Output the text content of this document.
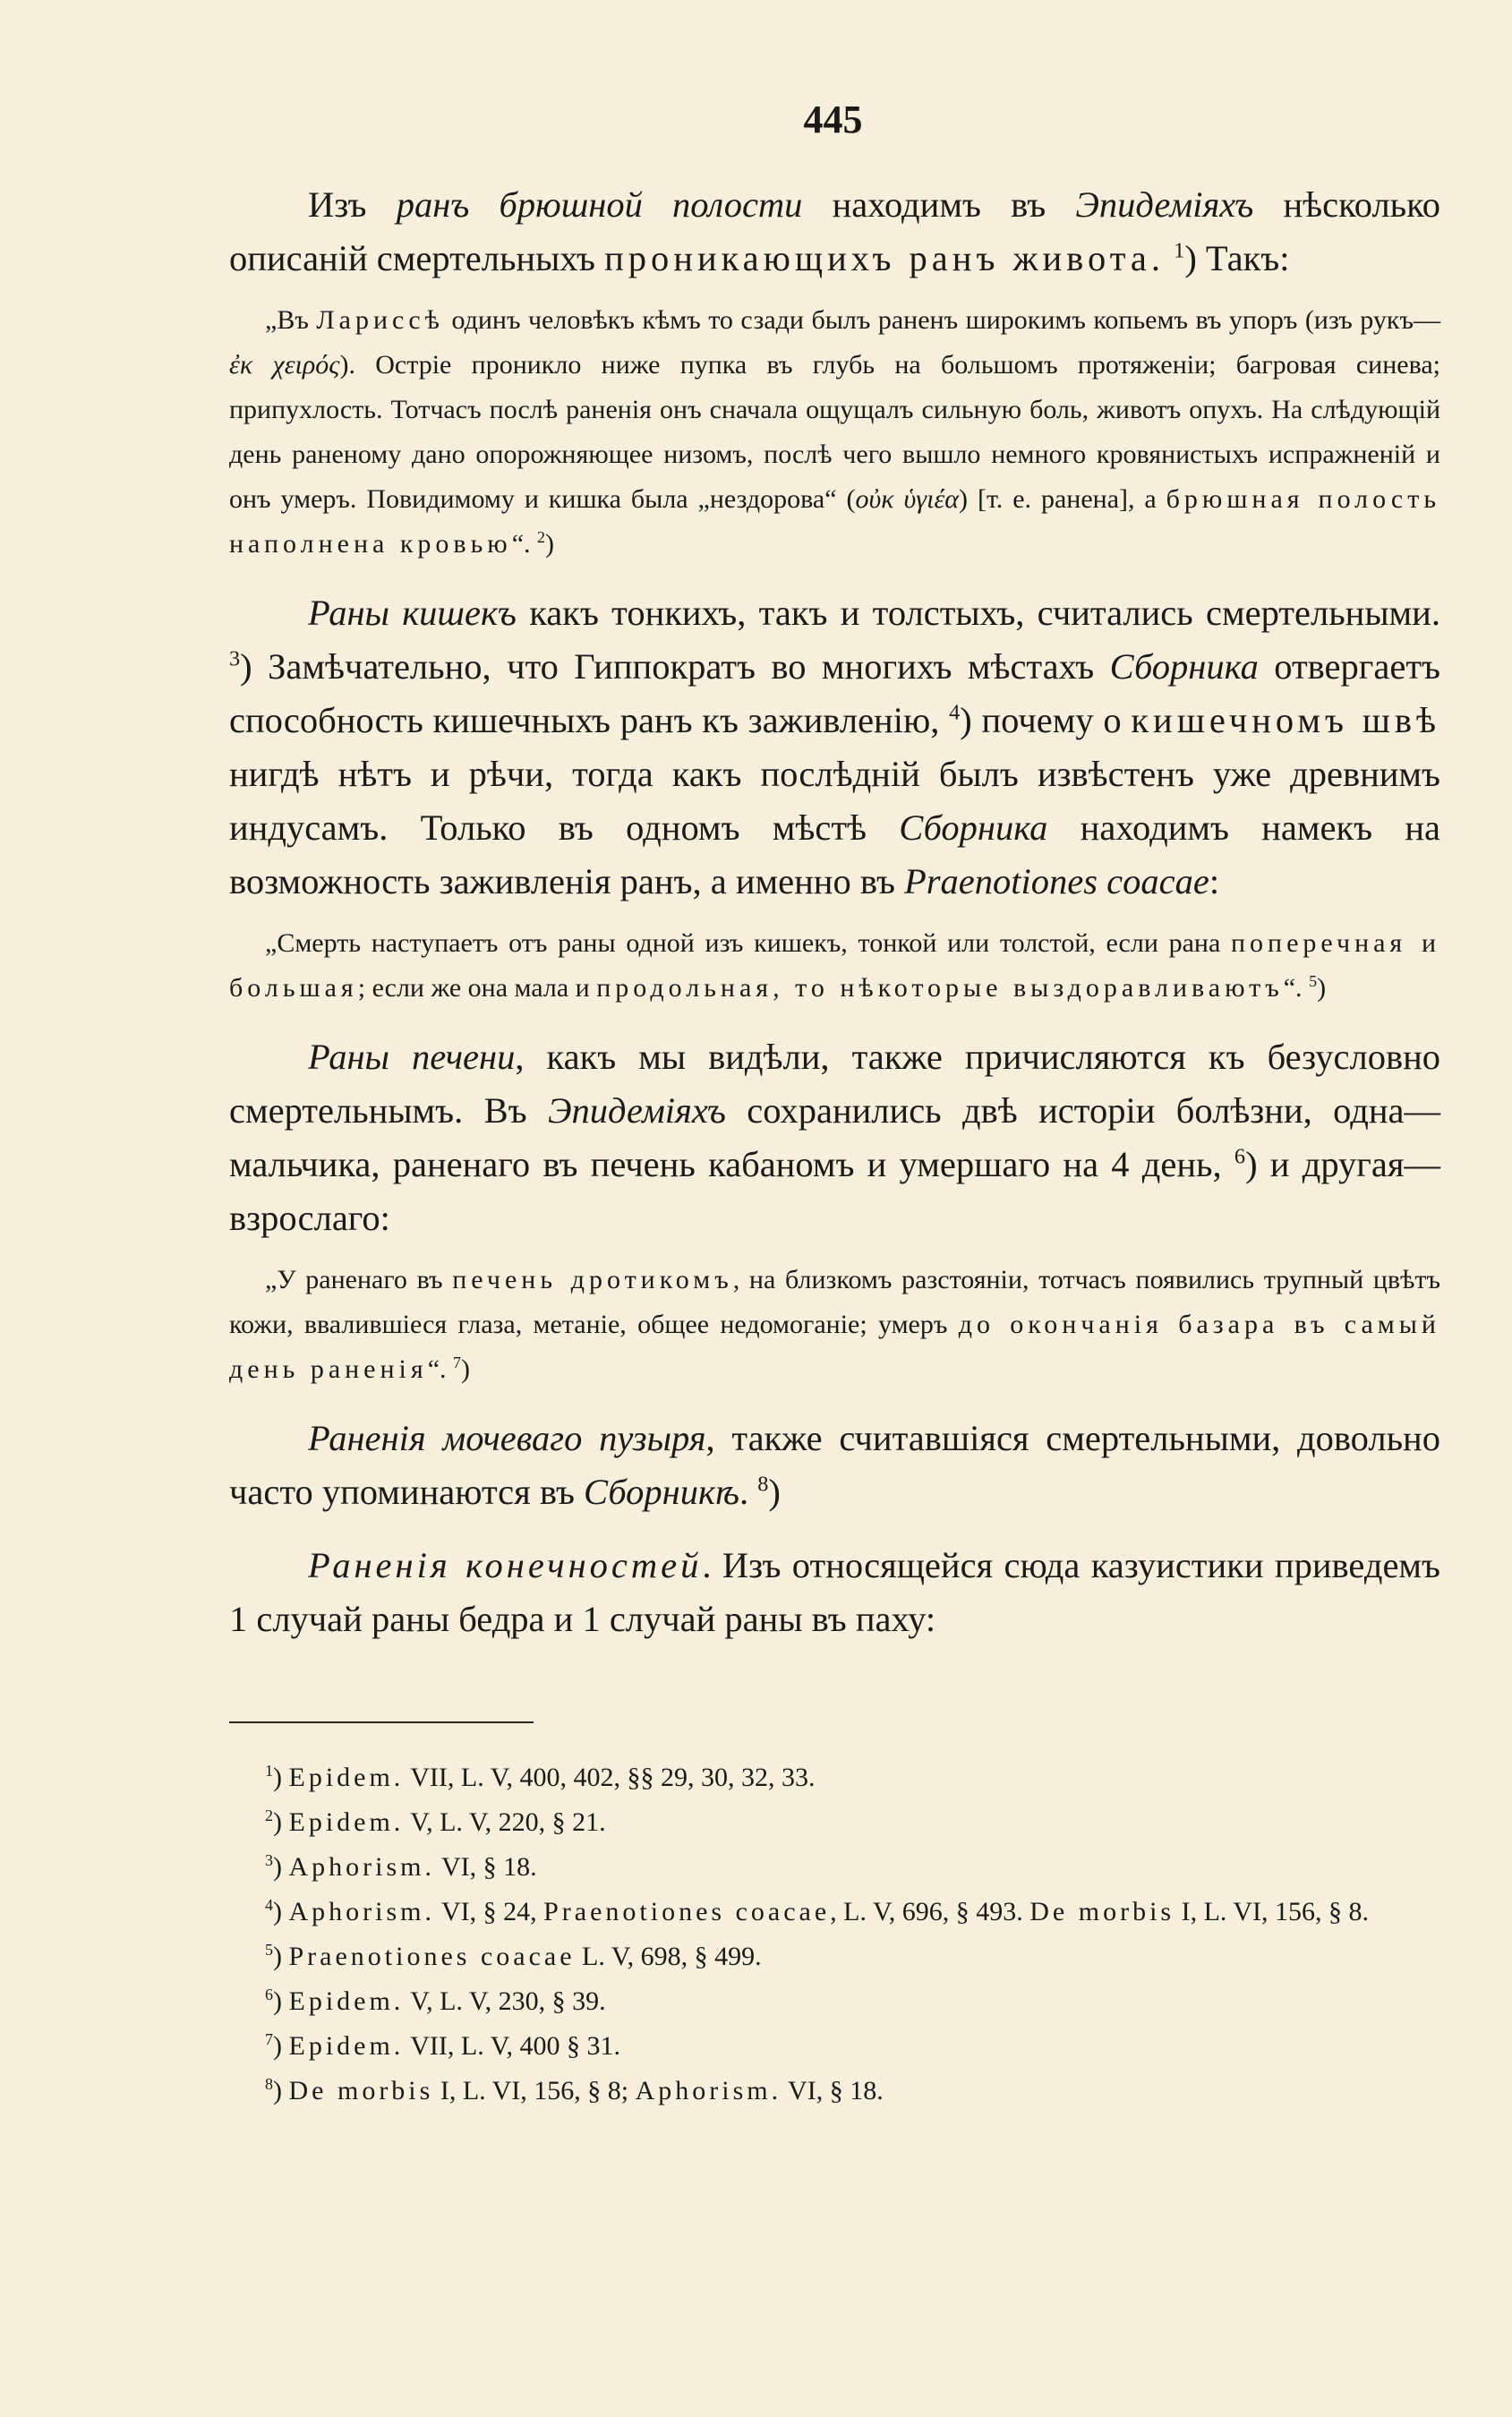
445

Изъ ранъ брюшной полости находимъ въ Эпидеміяхъ нѣсколько описаній смертельныхъ проникающихъ ранъ живота. $^1$) Такъ:

„Въ Лариссѣ одинъ человѣкъ кѣмъ то сзади былъ раненъ широкимъ копьемъ въ упоръ (изъ рукъ—ἐκ χειρός). Остріе проникло ниже пупка въ глубь на большомъ протяженіи; багровая синева; припухлость. Тотчасъ послѣ раненія онъ сначала ощущалъ сильную боль, животъ опухъ. На слѣдующій день раненому дано опорожняющее низомъ, послѣ чего вышло немного кровянистыхъ испражненій и онъ умеръ. Повидимому и кишка была „нездорова“ (οὐκ ὑγιέα) [т. е. ранена], а брюшная полость наполнена кровью“. $^2$)

Раны кишекъ какъ тонкихъ, такъ и толстыхъ, считались смертельными. $^3$) Замѣчательно, что Гиппократъ во многихъ мѣстахъ Сборника отвергаетъ способность кишечныхъ ранъ къ заживленію, $^4$) почему о кишечномъ швѣ нигдѣ нѣтъ и рѣчи, тогда какъ послѣдній былъ извѣстенъ уже древнимъ индусамъ. Только въ одномъ мѣстѣ Сборника находимъ намекъ на возможность заживленія ранъ, а именно въ Praenotiones coacae:

„Смерть наступаетъ отъ раны одной изъ кишекъ, тонкой или толстой, если рана поперечная и большая; если же она мала и продольная, то нѣкоторые выздоравливаютъ“. $^5$)

Раны печени, какъ мы видѣли, также причисляются къ безусловно смертельнымъ. Въ Эпидеміяхъ сохранились двѣ исторіи болѣзни, одна—мальчика, раненаго въ печень кабаномъ и умершаго на 4 день, $^6$) и другая—взрослаго:

„У раненаго въ печень дротикомъ, на близкомъ разстояніи, тотчасъ появились трупный цвѣтъ кожи, ввалившіеся глаза, метаніе, общее недомоганіе; умеръ до окончанія базара въ самый день раненія“. $^7$)

Раненія мочеваго пузыря, также считавшіяся смертельными, довольно часто упоминаются въ Сборникѣ. $^8$)

Раненія конечностей. Изъ относящейся сюда казуистики приведемъ 1 случай раны бедра и 1 случай раны въ паху:

$^1$) Epidem. VII, L. V, 400, 402, §§ 29, 30, 32, 33.
$^2$) Epidem. V, L. V, 220, § 21.
$^3$) Aphorism. VI, § 18.
$^4$) Aphorism. VI, § 24, Praenotiones coacae, L. V, 696, § 493. De morbis I, L. VI, 156, § 8.
$^5$) Praenotiones coacae L. V, 698, § 499.
$^6$) Epidem. V, L. V, 230, § 39.
$^7$) Epidem. VII, L. V, 400 § 31.
$^8$) De morbis I, L. VI, 156, § 8; Aphorism. VI, § 18.
